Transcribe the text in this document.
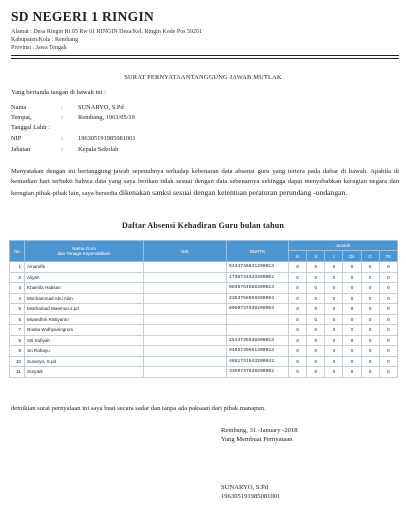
SD NEGERI 1 RINGIN
Alamat : Desa Ringin Rt 05 Rw 01 RINGIN Desa/Kel. Ringin Kode Pos 59261
Kabupaten/Kota : Rembang
Provinsi : Jawa Tengah
SURAT PERNYATAANTANGGUNG JAWAB MUTLAK
Yang bertanda tangan di bawah ini :
Nama	: SUNARYO, S.Pd
Tempat,	: Rembang, 1963/05/19
Tanggal Lahir :
NIP	: 196305191985081001
Jabatan	: Kepala Sekolah
Menyatakan dengan ini bertanggung jawab sepenuhnya terhadap kebenaran data absensi guru yang tertera pada daftar di bawah. Apabila di kemudian hari terbukti bahwa data yang saya berikan tidak sesuai dengan data sebenarnya sehingga dapat menyebabkan kerugian negara dan kerugian pihak-pihak lain, saya bersedia dikenakan sanksi sesuai dengan ketentuan peraturan perundang -undangan.
Daftar Absensi Kehadiran Guru bulan tahun
No	Nama Guru
dan Tenaga Kependidikan	NIK	NUPTK	Jumlah					
				H	S	I	DL	C	TK
1	Ainarofik		6434746641200013	0	0	0	0	0	0
2	Aliyah		1736734633300002	0	0	0	0	0	0
3	Khamila Habsari		0836764656300023	0	0	0	0	0	0
4	Mochammad Abu Alim		2353758659200003	0	0	0	0	0	0
5	Mokhamad Maemun,s.pd		8050737639200003	0	0	0	0	0	0
6	Muandhin Ristiyanto			0	0	0	0	0	0
7	Rosita Widhyaningrum			0	0	0	0	0	0
8	Siti Sofiyah		2544736638300013	0	0	0	0	0	0
9	Sri Rahayu		0453749651300013	0	0	0	0	0	0
10	Sunaryo, S.pd		4851741643200042	0	0	0	0	0	0
11	Suryadi		3359737639200002	0	0	0	0	0	0
demikian surat pernyataan ini saya buat secara sadar dan tanpa ada paksaan dari pihak manapun.
Rembang, 31 -January -2018
Yang Membuat Pernyataan
SUNARYO, S.Pd
196305191985081001
